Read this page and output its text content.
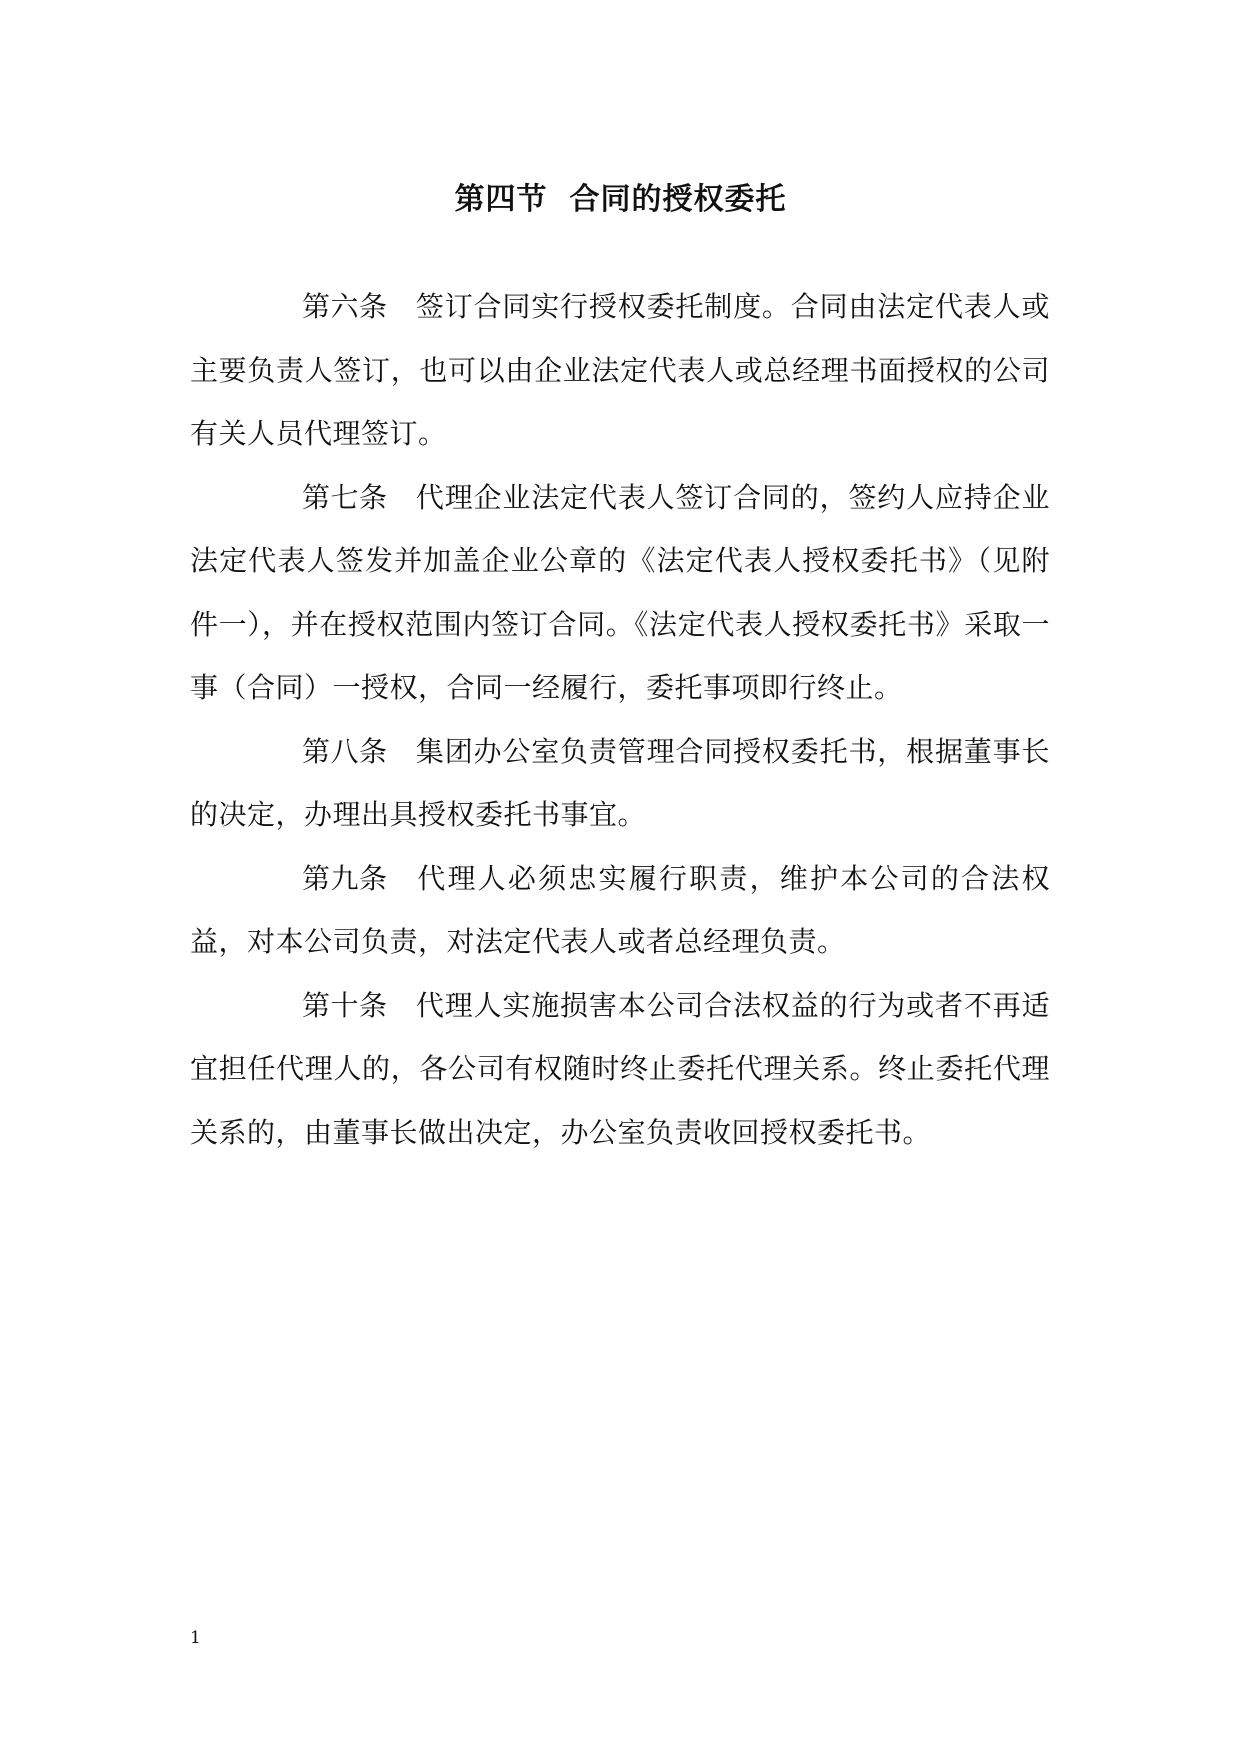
第四节 合同的授权委托

第六条 签订合同实行授权委托制度。合同由法定代表人或主要负责人签订，也可以由企业法定代表人或总经理书面授权的公司有关人员代理签订。

第七条 代理企业法定代表人签订合同的，签约人应持企业法定代表人签发并加盖企业公章的《法定代表人授权委托书》（见附件一），并在授权范围内签订合同。《法定代表人授权委托书》采取一事（合同）一授权，合同一经履行，委托事项即行终止。

第八条 集团办公室负责管理合同授权委托书，根据董事长的决定，办理出具授权委托书事宜。

第九条 代理人必须忠实履行职责，维护本公司的合法权益，对本公司负责，对法定代表人或者总经理负责。

第十条 代理人实施损害本公司合法权益的行为或者不再适宜担任代理人的，各公司有权随时终止委托代理关系。终止委托代理关系的，由董事长做出决定，办公室负责收回授权委托书。

1
